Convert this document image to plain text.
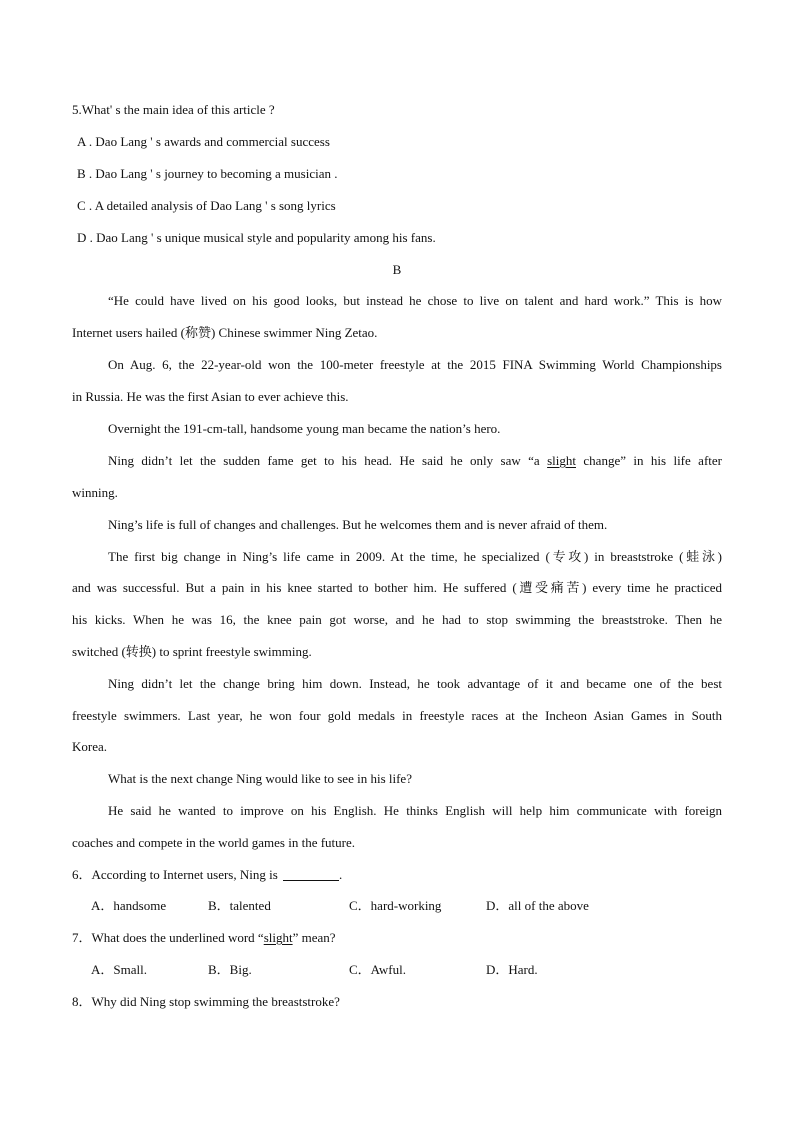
5.What' s the main idea of this article ?
A . Dao Lang ' s awards and commercial success
B . Dao Lang ' s journey to becoming a musician .
C . A detailed analysis of Dao Lang ' s song lyrics
D . Dao Lang ' s unique musical style and popularity among his fans.
B
“He could have lived on his good looks, but instead he chose to live on talent and hard work.” This is how
Internet users hailed (称赞) Chinese swimmer Ning Zetao.
On Aug. 6, the 22-year-old won the 100-meter freestyle at the 2015 FINA Swimming World Championships
in Russia. He was the first Asian to ever achieve this.
Overnight the 191-cm-tall, handsome young man became the nation’s hero.
Ning didn’t let the sudden fame get to his head. He said he only saw “a slight change” in his life after
winning.
Ning’s life is full of changes and challenges. But he welcomes them and is never afraid of them.
The first big change in Ning’s life came in 2009. At the time, he specialized (专攻) in breaststroke (蛙泳)
and was successful. But a pain in his knee started to bother him. He suffered (遭受痛苦) every time he practiced
his kicks. When he was 16, the knee pain got worse, and he had to stop swimming the breaststroke. Then he
switched (转换) to sprint freestyle swimming.
Ning didn’t let the change bring him down. Instead, he took advantage of it and became one of the best
freestyle swimmers. Last year, he won four gold medals in freestyle races at the Incheon Asian Games in South
Korea.
What is the next change Ning would like to see in his life?
He said he wanted to improve on his English. He thinks English will help him communicate with foreign
coaches and compete in the world games in the future.
6．According to Internet users, Ning is	.
A．handsome	B．talented	C．hard-working	D．all of the above
7．What does the underlined word “slight” mean?
A．Small.	B．Big.	C．Awful.	D．Hard.
8．Why did Ning stop swimming the breaststroke?
